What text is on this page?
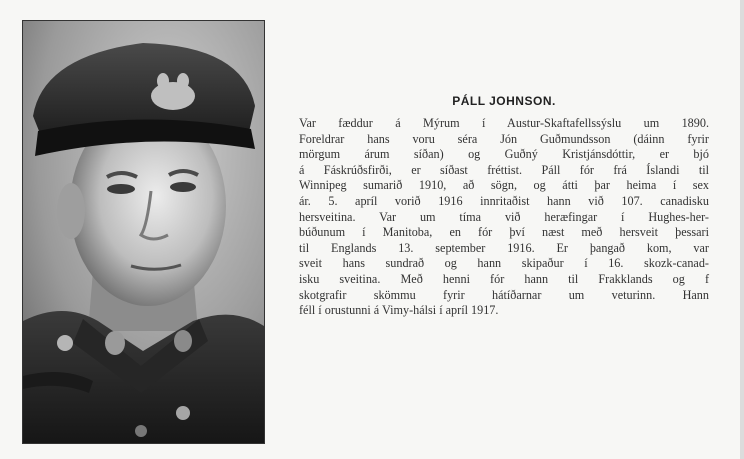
PÁLL JOHNSON.
Var fæddur á Mýrum í Austur-Skaftafellssýslu um 1890.
Foreldrar hans voru séra Jón Guðmundsson (dáinn fyrir
mörgum árum síðan) og Guðný Kristjánsdóttir, er bjó
á Fáskrúðsfirði, er síðast fréttist. Páll fór frá Íslandi til
Winnipeg sumarið 1910, að sögn, og átti þar heima í sex
ár. 5. apríl vorið 1916 innritaðist hann við 107. canadisku
hersveitina. Var um tíma við heræfingar í Hughes-her-
búðunum í Manitoba, en fór því næst með hersveit þessari
til Englands 13. september 1916. Er þangað kom, var
sveit hans sundrað og hann skipaður í 16. skozk-canad-
isku sveitina. Með henni fór hann til Frakklands og f
skotgrafir skömmu fyrir hátíðarnar um veturinn. Hann
féll í orustunni á Vimy-hálsi í apríl 1917.
